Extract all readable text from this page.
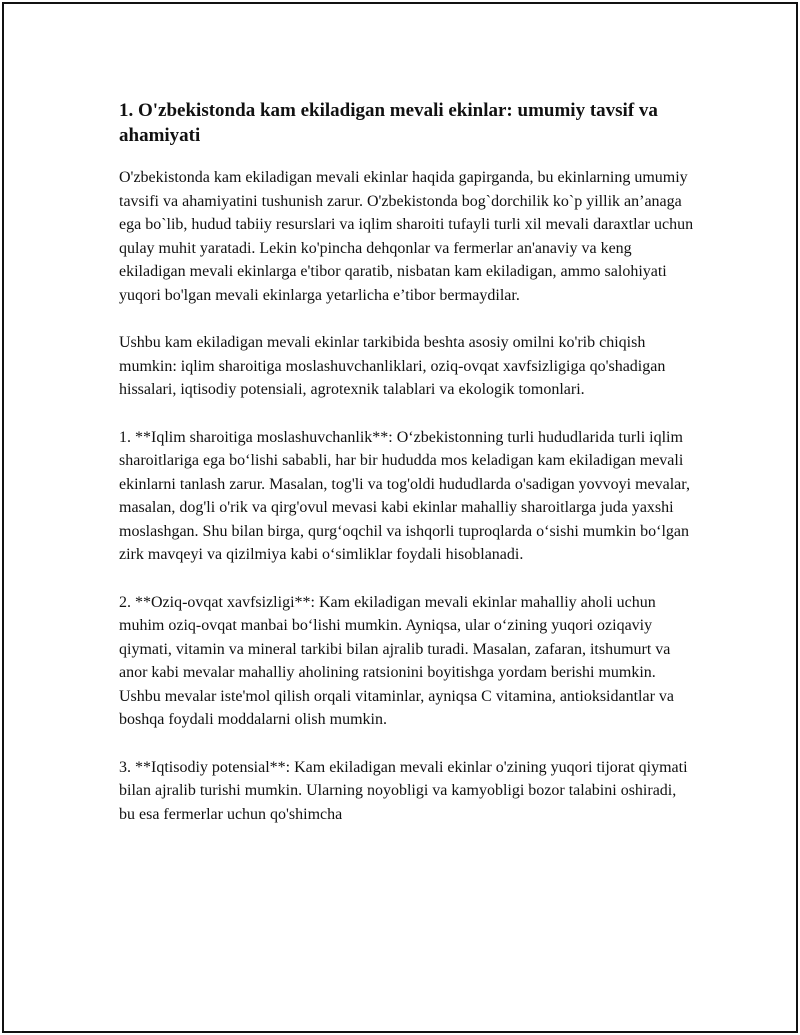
1. O'zbekistonda kam ekiladigan mevali ekinlar: umumiy tavsif va ahamiyati

O'zbekistonda kam ekiladigan mevali ekinlar haqida gapirganda, bu ekinlarning umumiy tavsifi va ahamiyatini tushunish zarur. O'zbekistonda bog`dorchilik ko`p yillik an’anaga ega bo`lib, hudud tabiiy resurslari va iqlim sharoiti tufayli turli xil mevali daraxtlar uchun qulay muhit yaratadi. Lekin ko'pincha dehqonlar va fermerlar an'anaviy va keng ekiladigan mevali ekinlarga e'tibor qaratib, nisbatan kam ekiladigan, ammo salohiyati yuqori bo'lgan mevali ekinlarga yetarlicha e’tibor bermaydilar.

Ushbu kam ekiladigan mevali ekinlar tarkibida beshta asosiy omilni ko'rib chiqish mumkin: iqlim sharoitiga moslashuvchanliklari, oziq-ovqat xavfsizligiga qo'shadigan hissalari, iqtisodiy potensiali, agrotexnik talablari va ekologik tomonlari.

1. **Iqlim sharoitiga moslashuvchanlik**: O‘zbekistonning turli hududlarida turli iqlim sharoitlariga ega bo‘lishi sababli, har bir hududda mos keladigan kam ekiladigan mevali ekinlarni tanlash zarur. Masalan, tog'li va tog'oldi hududlarda o'sadigan yovvoyi mevalar, masalan, dog'li o'rik va qirg'ovul mevasi kabi ekinlar mahalliy sharoitlarga juda yaxshi moslashgan. Shu bilan birga, qurg‘oqchil va ishqorli tuproqlarda o‘sishi mumkin bo‘lgan zirk mavqeyi va qizilmiya kabi o‘simliklar foydali hisoblanadi.

2. **Oziq-ovqat xavfsizligi**: Kam ekiladigan mevali ekinlar mahalliy aholi uchun muhim oziq-ovqat manbai bo‘lishi mumkin. Ayniqsa, ular o‘zining yuqori oziqaviy qiymati, vitamin va mineral tarkibi bilan ajralib turadi. Masalan, zafaran, itshumurt va anor kabi mevalar mahalliy aholining ratsionini boyitishga yordam berishi mumkin. Ushbu mevalar iste'mol qilish orqali vitaminlar, ayniqsa C vitamina, antioksidantlar va boshqa foydali moddalarni olish mumkin.

3. **Iqtisodiy potensial**: Kam ekiladigan mevali ekinlar o'zining yuqori tijorat qiymati bilan ajralib turishi mumkin. Ularning noyobligi va kamyobligi bozor talabini oshiradi, bu esa fermerlar uchun qo'shimcha
